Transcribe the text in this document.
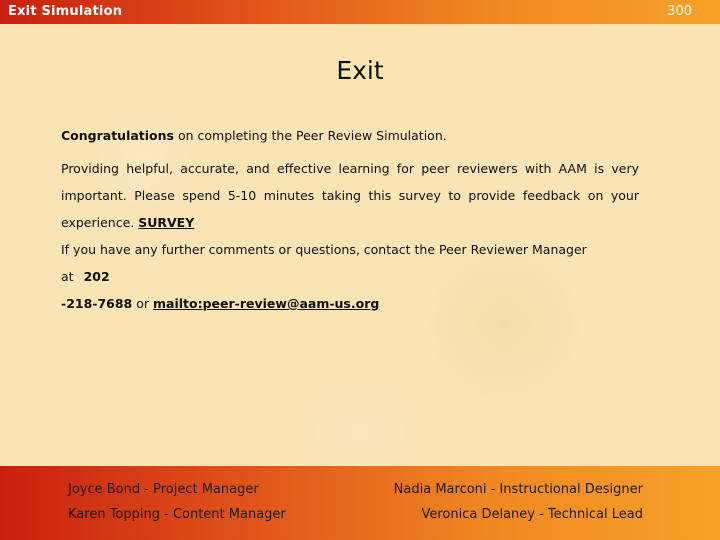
Exit Simulation	300
Exit

Congratulations on completing the Peer Review Simulation.

Providing helpful, accurate, and effective learning for peer reviewers with AAM is very important. Please spend 5-10 minutes taking this survey to provide feedback on your experience. SURVEY

If you have any further comments or questions, contact the Peer Reviewer Manager at 202
-218-7688 or mailto:peer-review@aam-us.org

Joyce Bond - Project Manager
Karen Topping - Content Manager
Nadia Marconi - Instructional Designer
Veronica Delaney - Technical Lead
